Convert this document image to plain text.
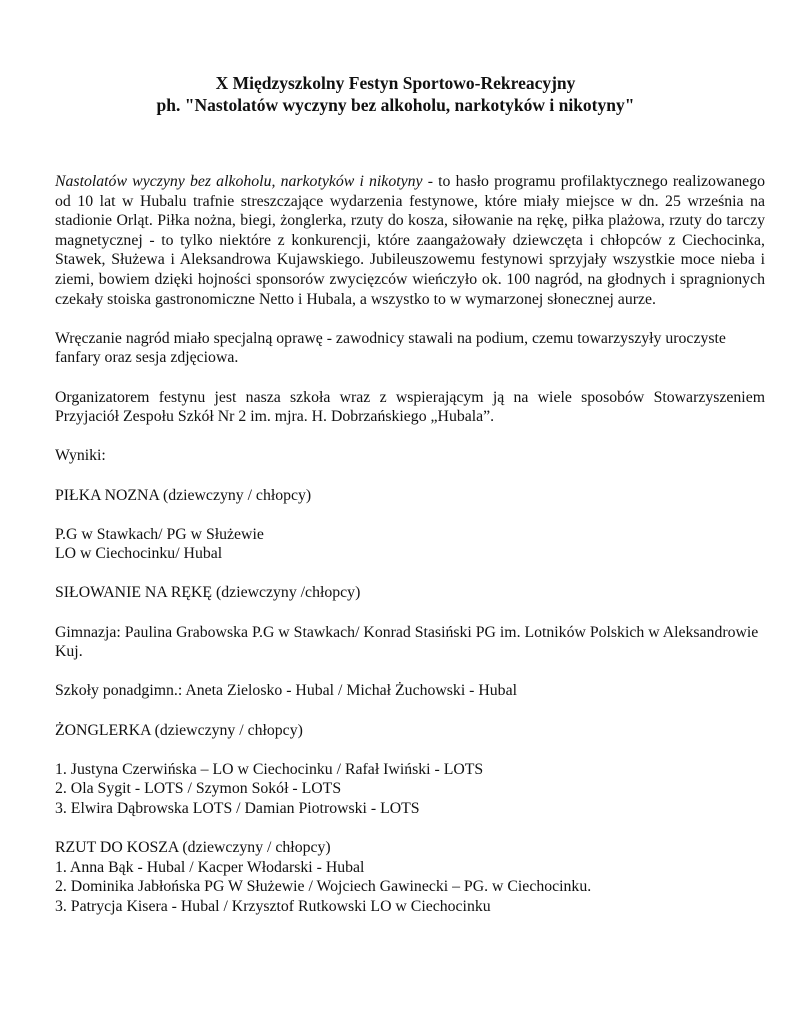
X Międzyszkolny Festyn Sportowo-Rekreacyjny
ph. "Nastolatów wyczyny bez alkoholu, narkotyków i nikotyny"

Nastolatów wyczyny bez alkoholu, narkotyków i nikotyny - to hasło programu profilaktycznego realizowanego od 10 lat w Hubalu trafnie streszczające wydarzenia festynowe, które miały miejsce w dn. 25 września na stadionie Orląt. Piłka nożna, biegi, żonglerka, rzuty do kosza, siłowanie na rękę, piłka plażowa, rzuty do tarczy magnetycznej - to tylko niektóre z konkurencji, które zaangażowały dziewczęta i chłopców z Ciechocinka, Stawek, Służewa i Aleksandrowa Kujawskiego. Jubileuszowemu festynowi sprzyjały wszystkie moce nieba i ziemi, bowiem dzięki hojności sponsorów zwycięzców wieńczyło ok. 100 nagród, na głodnych i spragnionych czekały stoiska gastronomiczne Netto i Hubala, a wszystko to w wymarzonej słonecznej aurze.

Wręczanie nagród miało specjalną oprawę - zawodnicy stawali na podium, czemu towarzyszyły uroczyste fanfary oraz sesja zdjęciowa.

Organizatorem festynu jest nasza szkoła wraz z wspierającym ją na wiele sposobów Stowarzyszeniem Przyjaciół Zespołu Szkół Nr 2 im. mjra. H. Dobrzańskiego „Hubala”.

Wyniki:

PIŁKA NOZNA (dziewczyny / chłopcy)

P.G w Stawkach/ PG w Służewie

LO w Ciechocinku/ Hubal

SIŁOWANIE NA RĘKĘ (dziewczyny /chłopcy)

Gimnazja: Paulina Grabowska P.G w Stawkach/ Konrad Stasiński PG im. Lotników Polskich w Aleksandrowie Kuj.

Szkoły ponadgimn.: Aneta Zielosko - Hubal / Michał Żuchowski - Hubal

ŻONGLERKA (dziewczyny / chłopcy)

1. Justyna Czerwińska – LO w Ciechocinku / Rafał Iwiński - LOTS

2. Ola Sygit - LOTS / Szymon Sokół - LOTS

3. Elwira Dąbrowska LOTS / Damian Piotrowski - LOTS

RZUT DO KOSZA (dziewczyny / chłopcy)

1. Anna Bąk - Hubal / Kacper Włodarski - Hubal

2. Dominika Jabłońska PG W Służewie / Wojciech Gawinecki – PG. w Ciechocinku.

3. Patrycja Kisera - Hubal / Krzysztof Rutkowski LO w Ciechocinku
